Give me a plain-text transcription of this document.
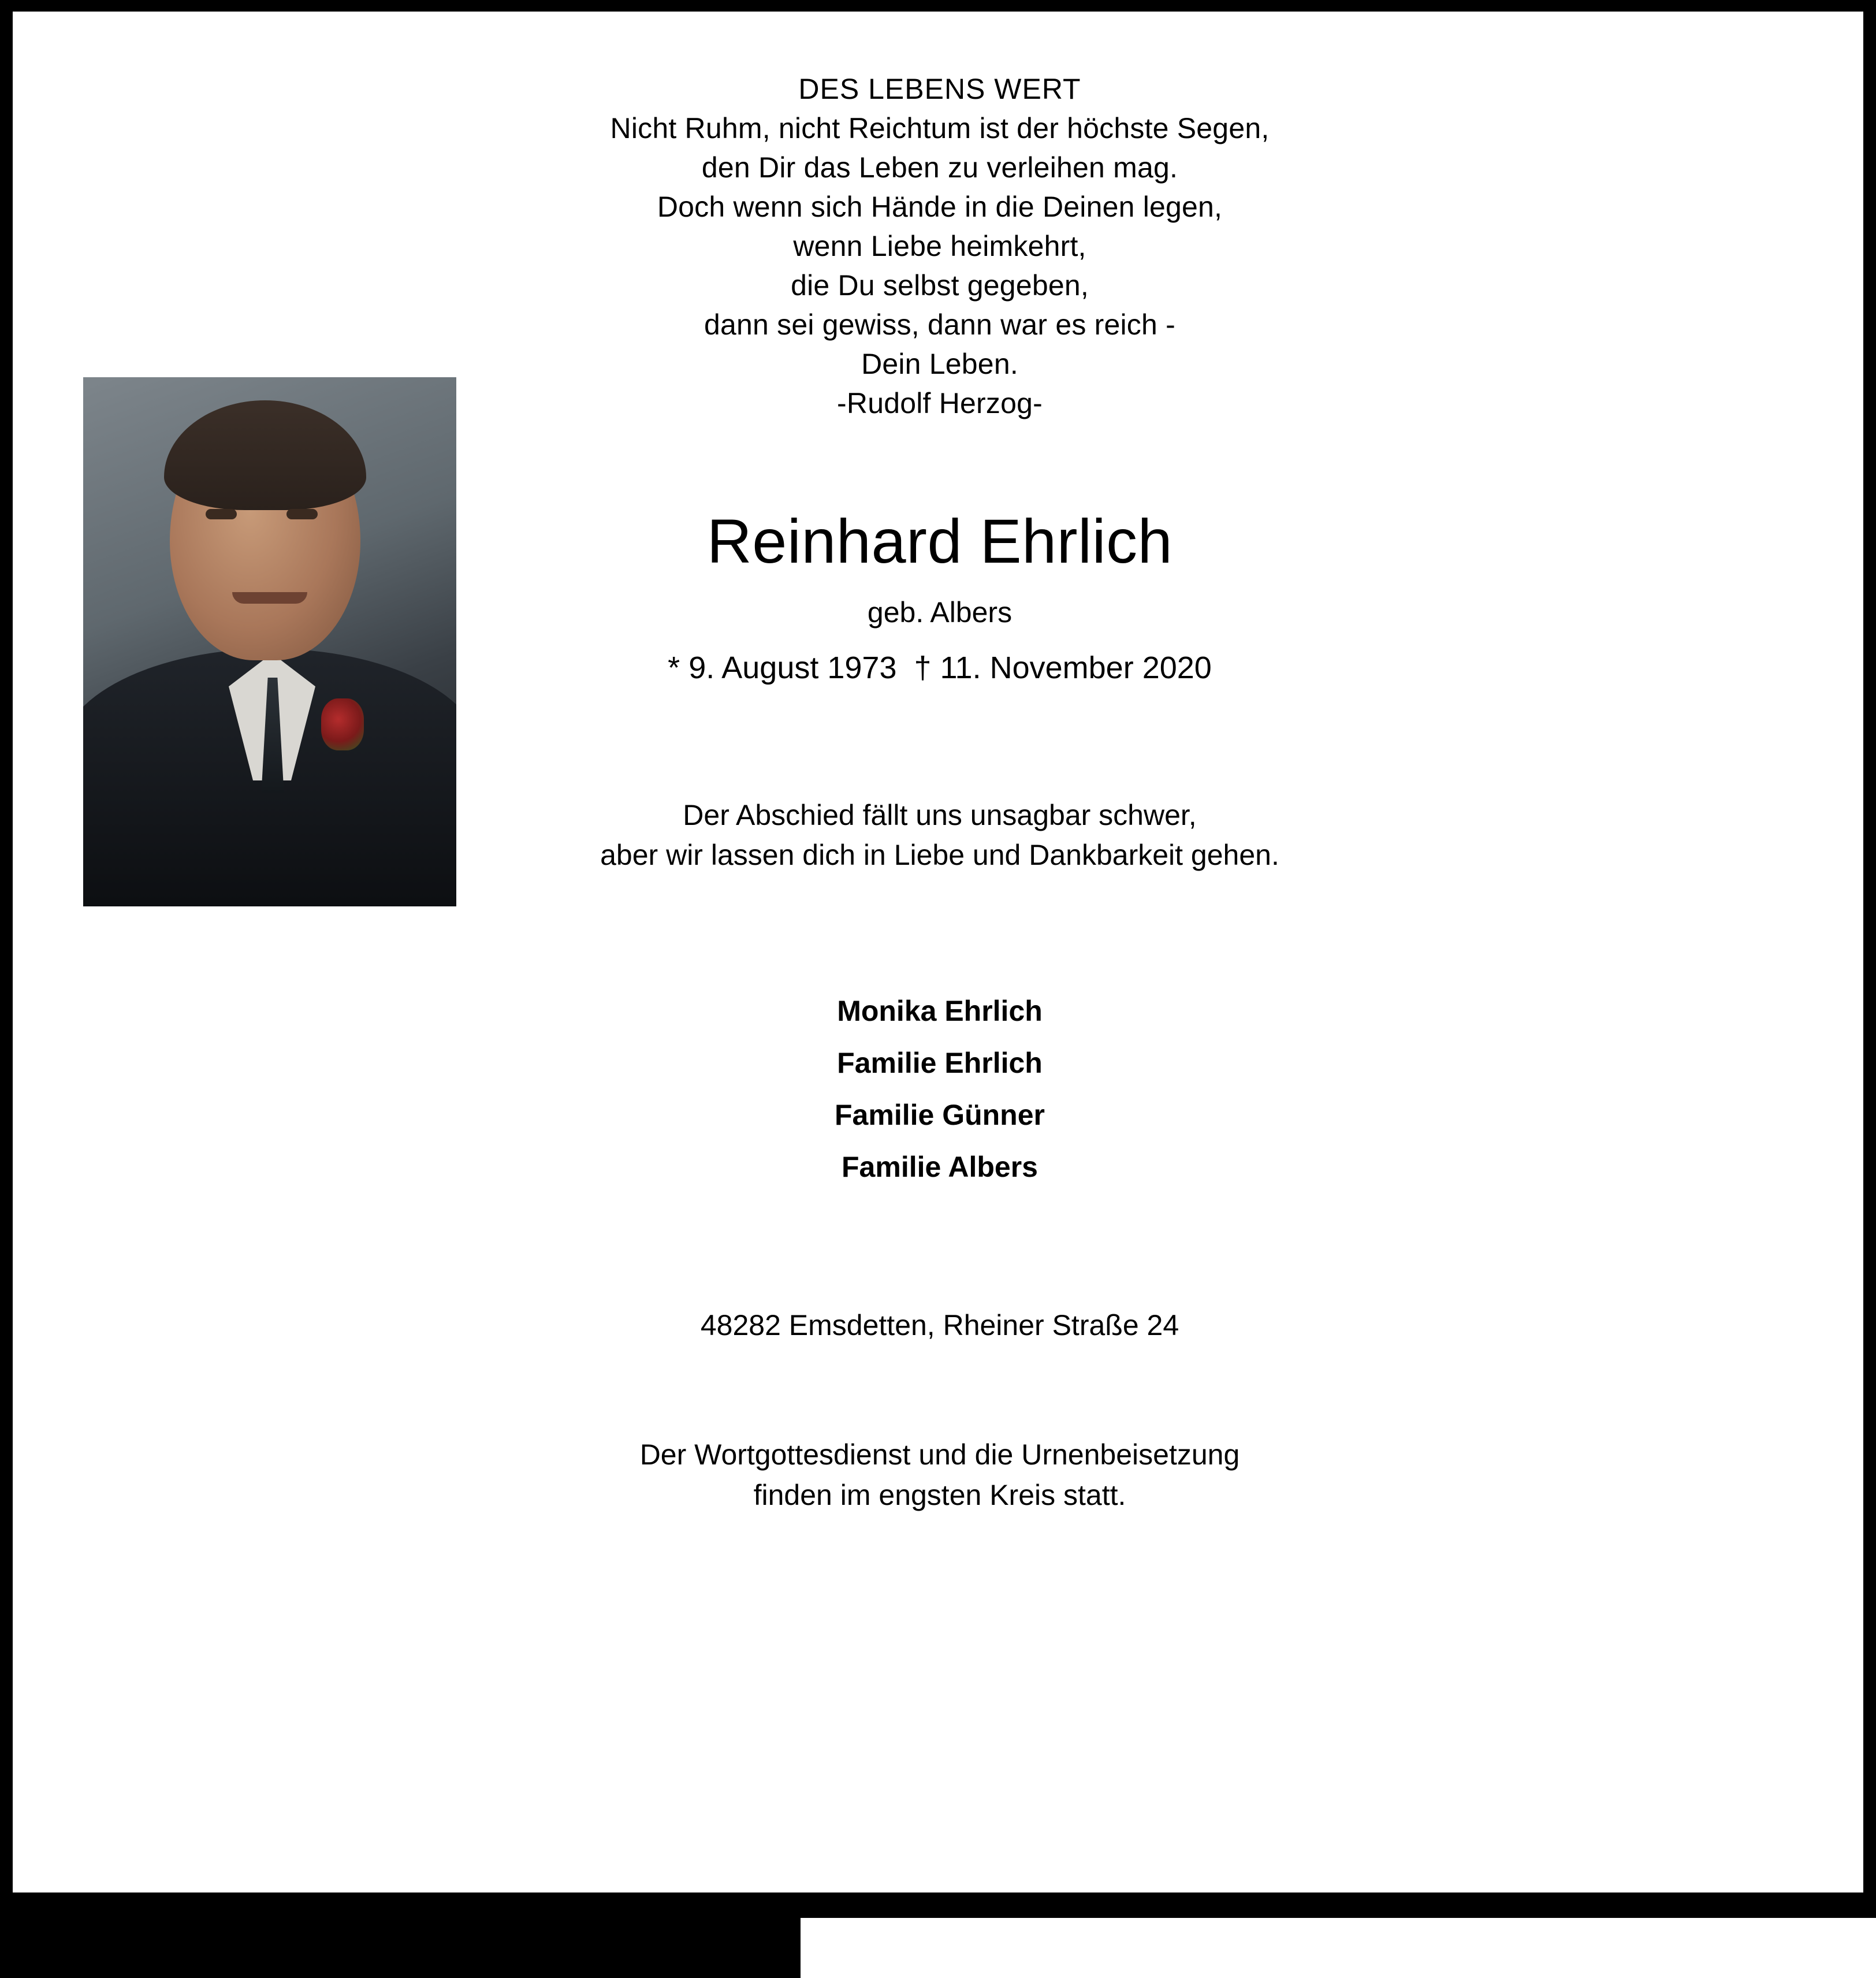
DES LEBENS WERT
Nicht Ruhm, nicht Reichtum ist der höchste Segen,
den Dir das Leben zu verleihen mag.
Doch wenn sich Hände in die Deinen legen,
wenn Liebe heimkehrt,
die Du selbst gegeben,
dann sei gewiss, dann war es reich -
Dein Leben.
-Rudolf Herzog-
Reinhard Ehrlich
geb. Albers
* 9. August 1973 † 11. November 2020
Der Abschied fällt uns unsagbar schwer,
aber wir lassen dich in Liebe und Dankbarkeit gehen.
Monika Ehrlich
Familie Ehrlich
Familie Günner
Familie Albers
48282 Emsdetten, Rheiner Straße 24
Der Wortgottesdienst und die Urnenbeisetzung
finden im engsten Kreis statt.
